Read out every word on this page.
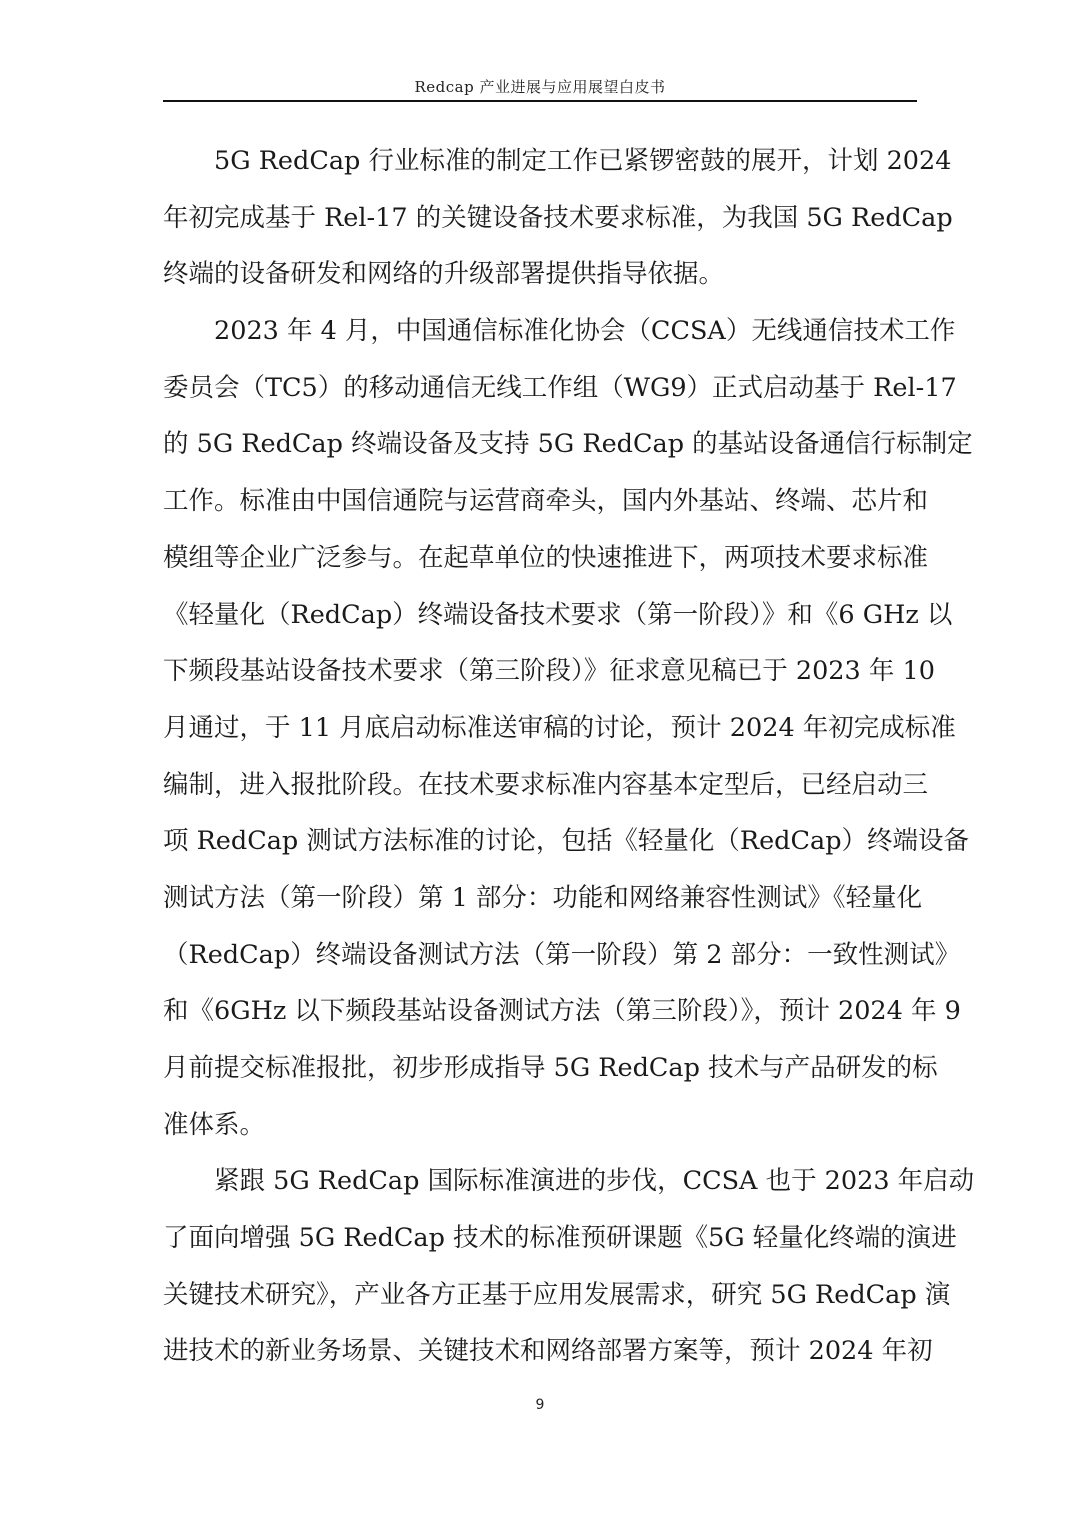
Redcap 产业进展与应用展望白皮书
5G RedCap 行业标准的制定工作已紧锣密鼓的展开，计划 2024
年初完成基于 Rel-17 的关键设备技术要求标准，为我国 5G RedCap
终端的设备研发和网络的升级部署提供指导依据。
2023 年 4 月，中国通信标准化协会（CCSA）无线通信技术工作
委员会（TC5）的移动通信无线工作组（WG9）正式启动基于 Rel-17
的 5G RedCap 终端设备及支持 5G RedCap 的基站设备通信行标制定
工作。标准由中国信通院与运营商牵头，国内外基站、终端、芯片和
模组等企业广泛参与。在起草单位的快速推进下，两项技术要求标准
《轻量化（RedCap）终端设备技术要求（第一阶段）》和《6 GHz 以
下频段基站设备技术要求（第三阶段）》征求意见稿已于 2023 年 10
月通过，于 11 月底启动标准送审稿的讨论，预计 2024 年初完成标准
编制，进入报批阶段。在技术要求标准内容基本定型后，已经启动三
项 RedCap 测试方法标准的讨论，包括《轻量化（RedCap）终端设备
测试方法（第一阶段）第 1 部分：功能和网络兼容性测试》《轻量化
（RedCap）终端设备测试方法（第一阶段）第 2 部分：一致性测试》
和《6GHz 以下频段基站设备测试方法（第三阶段）》，预计 2024 年 9
月前提交标准报批，初步形成指导 5G RedCap 技术与产品研发的标
准体系。
紧跟 5G RedCap 国际标准演进的步伐，CCSA 也于 2023 年启动
了面向增强 5G RedCap 技术的标准预研课题《5G 轻量化终端的演进
关键技术研究》，产业各方正基于应用发展需求，研究 5G RedCap 演
进技术的新业务场景、关键技术和网络部署方案等，预计 2024 年初
9
